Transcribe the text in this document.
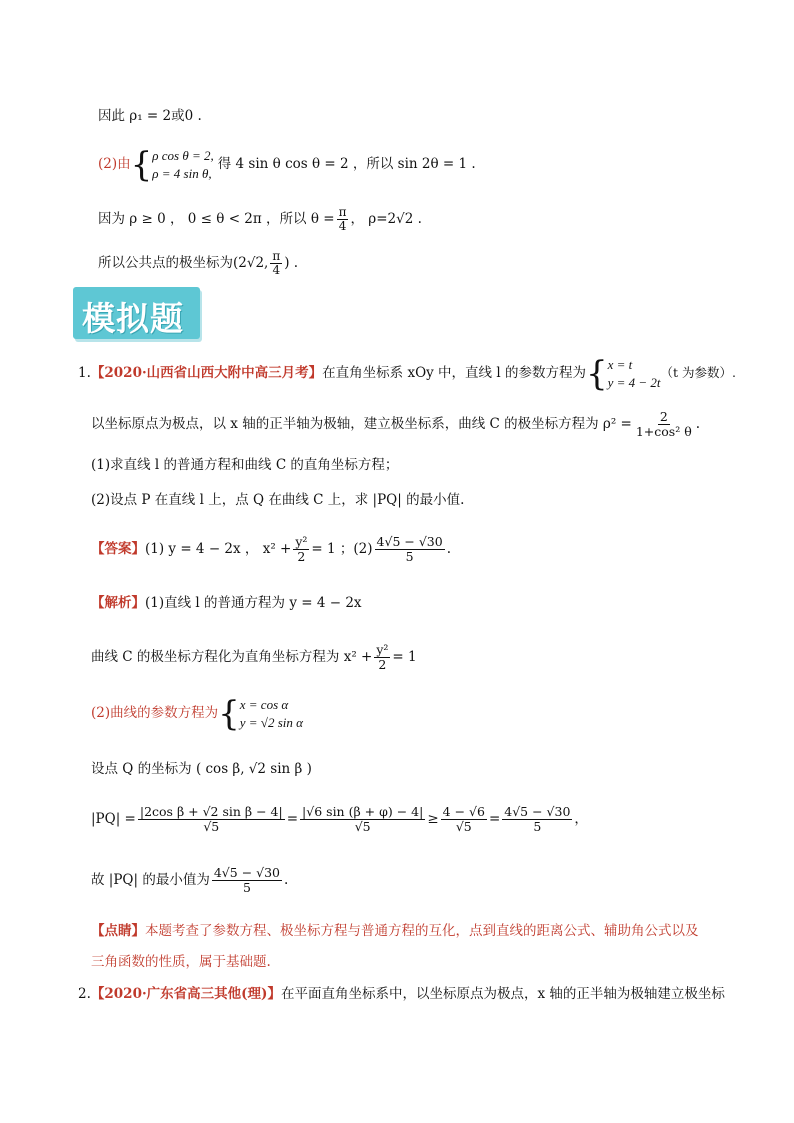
因此 ρ₁ = 2或0 .
(2)由 { ρ cos θ = 2,
ρ = 4 sin θ,
得 4 sin θ cos θ = 2 ，所以 sin 2θ = 1 .
因为 ρ ≥ 0 ， 0 ≤ θ < 2π ，所以 $\theta = \frac{\pi}{4}$ ， ρ=2√2 .
所以公共点的极坐标为 (2√2, $\frac{\pi}{4}$ ) .
模拟题
1. 【2020·山西省山西大附中高三月考】 在直角坐标系 xOy 中，直线 l 的参数方程为 { x = t
y = 4 − 2t
（t 为参数）.
以坐标原点为极点，以 x 轴的正半轴为极轴，建立极坐标系，曲线 C 的极坐标方程为 $\rho^2 = \frac{2}{\text{1+cos² θ}}$ .
(1)求直线 l 的普通方程和曲线 C 的直角坐标方程；
(2)设点 P 在直线 l 上，点 Q 在曲线 C 上，求 |PQ| 的最小值.
【答案】 (1) y = 4 − 2x ， $x^2 + \frac{\text{y²}}{2} = 1$ ；$(2) \frac{4√5 - √30}{5}$ .
【解析】 (1)直线 l 的普通方程为 y = 4 − 2x
曲线 C 的极坐标方程化为直角坐标方程为 $x^2 + \frac{\text{y²}}{2} = 1$
(2)曲线的参数方程为 { x = cos α
y = √2 sin α
设点 Q 的坐标为 ( cos β, √2 sin β )
$|PQ| = \frac{\text{|2cos β + √2 sin β − 4|}}{√5} = \frac{|√6 \sin (\beta + \varphi) - 4|}{√5} \ge \frac{4 - √6}{√5} = \frac{4√5 - √30}{5}$ ，
故 |PQ| 的最小值为 $\frac{4√5 - √30}{5}$ .
【点睛】本题考查了参数方程、极坐标方程与普通方程的互化，点到直线的距离公式、辅助角公式以及
三角函数的性质，属于基础题.
2.【2020·广东省高三其他(理)】在平面直角坐标系中，以坐标原点为极点，x 轴的正半轴为极轴建立极坐标
